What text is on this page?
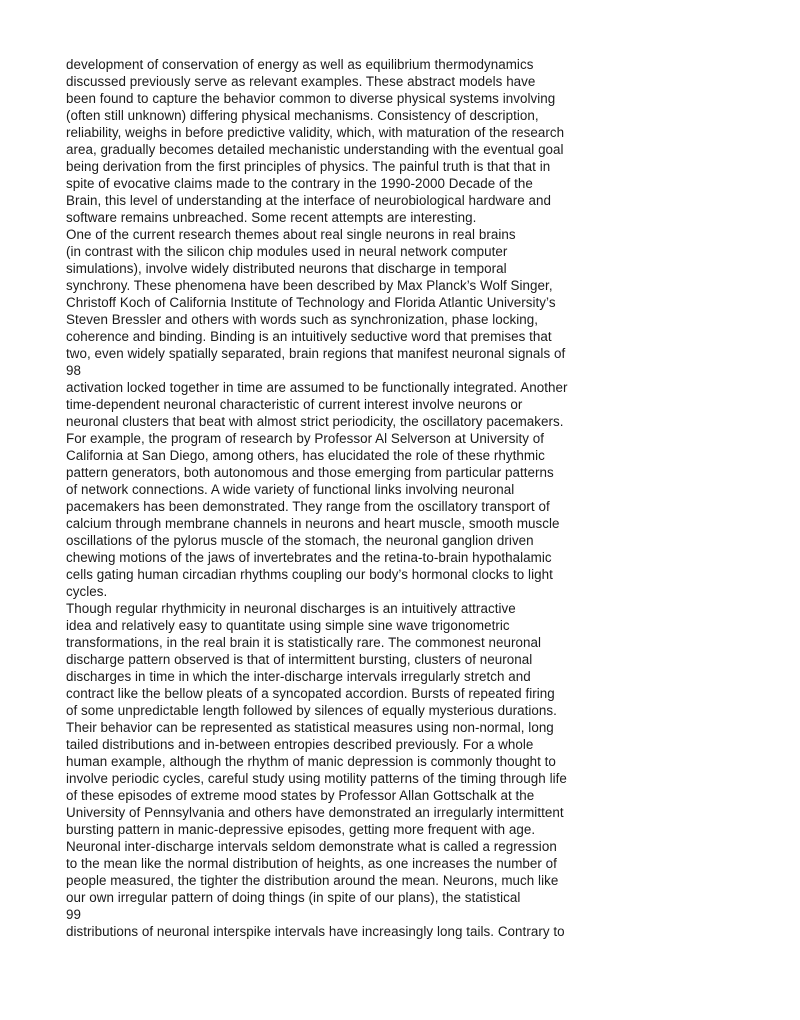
development of conservation of energy as well as equilibrium thermodynamics
discussed previously serve as relevant examples. These abstract models have
been found to capture the behavior common to diverse physical systems involving
(often still unknown) differing physical mechanisms. Consistency of description,
reliability, weighs in before predictive validity, which, with maturation of the research
area, gradually becomes detailed mechanistic understanding with the eventual goal
being derivation from the first principles of physics. The painful truth is that that in
spite of evocative claims made to the contrary in the 1990-2000 Decade of the
Brain, this level of understanding at the interface of neurobiological hardware and
software remains unbreached. Some recent attempts are interesting.
One of the current research themes about real single neurons in real brains
(in contrast with the silicon chip modules used in neural network computer
simulations), involve widely distributed neurons that discharge in temporal
synchrony. These phenomena have been described by Max Planck’s Wolf Singer,
Christoff Koch of California Institute of Technology and Florida Atlantic University’s
Steven Bressler and others with words such as synchronization, phase locking,
coherence and binding. Binding is an intuitively seductive word that premises that
two, even widely spatially separated, brain regions that manifest neuronal signals of
98
activation locked together in time are assumed to be functionally integrated. Another
time-dependent neuronal characteristic of current interest involve neurons or
neuronal clusters that beat with almost strict periodicity, the oscillatory pacemakers.
For example, the program of research by Professor Al Selverson at University of
California at San Diego, among others, has elucidated the role of these rhythmic
pattern generators, both autonomous and those emerging from particular patterns
of network connections. A wide variety of functional links involving neuronal
pacemakers has been demonstrated. They range from the oscillatory transport of
calcium through membrane channels in neurons and heart muscle, smooth muscle
oscillations of the pylorus muscle of the stomach, the neuronal ganglion driven
chewing motions of the jaws of invertebrates and the retina-to-brain hypothalamic
cells gating human circadian rhythms coupling our body’s hormonal clocks to light
cycles.
Though regular rhythmicity in neuronal discharges is an intuitively attractive
idea and relatively easy to quantitate using simple sine wave trigonometric
transformations, in the real brain it is statistically rare. The commonest neuronal
discharge pattern observed is that of intermittent bursting, clusters of neuronal
discharges in time in which the inter-discharge intervals irregularly stretch and
contract like the bellow pleats of a syncopated accordion. Bursts of repeated firing
of some unpredictable length followed by silences of equally mysterious durations.
Their behavior can be represented as statistical measures using non-normal, long
tailed distributions and in-between entropies described previously. For a whole
human example, although the rhythm of manic depression is commonly thought to
involve periodic cycles, careful study using motility patterns of the timing through life
of these episodes of extreme mood states by Professor Allan Gottschalk at the
University of Pennsylvania and others have demonstrated an irregularly intermittent
bursting pattern in manic-depressive episodes, getting more frequent with age.
Neuronal inter-discharge intervals seldom demonstrate what is called a regression
to the mean like the normal distribution of heights, as one increases the number of
people measured, the tighter the distribution around the mean. Neurons, much like
our own irregular pattern of doing things (in spite of our plans), the statistical
99
distributions of neuronal interspike intervals have increasingly long tails. Contrary to
